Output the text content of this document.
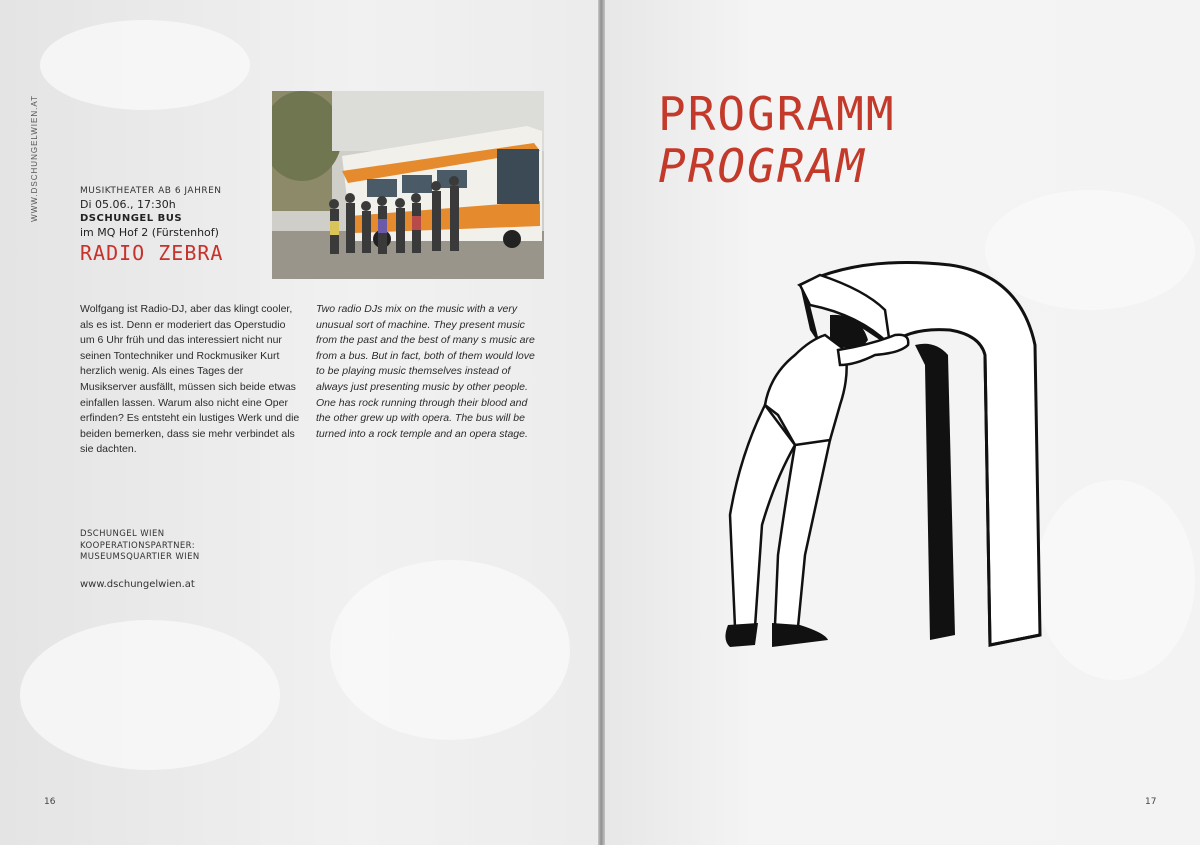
WWW.DSCHUNGELWIEN.AT	MUSIKTHEATER AB 6 JAHREN
Di 05.06., 17:30h
DSCHUNGEL BUS
im MQ Hof 2 (Fürstenhof)
RADIO ZEBRA
Wolfgang ist Radio-DJ, aber das klingt cooler, als es ist. Denn er moderiert das Operstudio um 6 Uhr früh und das interessiert nicht nur seinen Tontechniker und Rockmusiker Kurt herzlich wenig. Als eines Tages der Musikserver ausfällt, müssen sich beide etwas einfallen lassen. Warum also nicht eine Oper erfinden? Es entsteht ein lustiges Werk und die beiden bemerken, dass sie mehr verbindet als sie dachten.
Two radio DJs mix on the music with a very unusual sort of machine. They present music from the past and the best of many s music are from a bus. But in fact, both of them would love to be playing music themselves instead of always just presenting music by other people. One has rock running through their blood and the other grew up with opera. The bus will be turned into a rock temple and an opera stage.
DSCHUNGEL WIEN
KOOPERATIONSPARTNER:
MUSEUMSQUARTIER WIEN
www.dschungelwien.at
16
PROGRAMM
PROGRAM
17
